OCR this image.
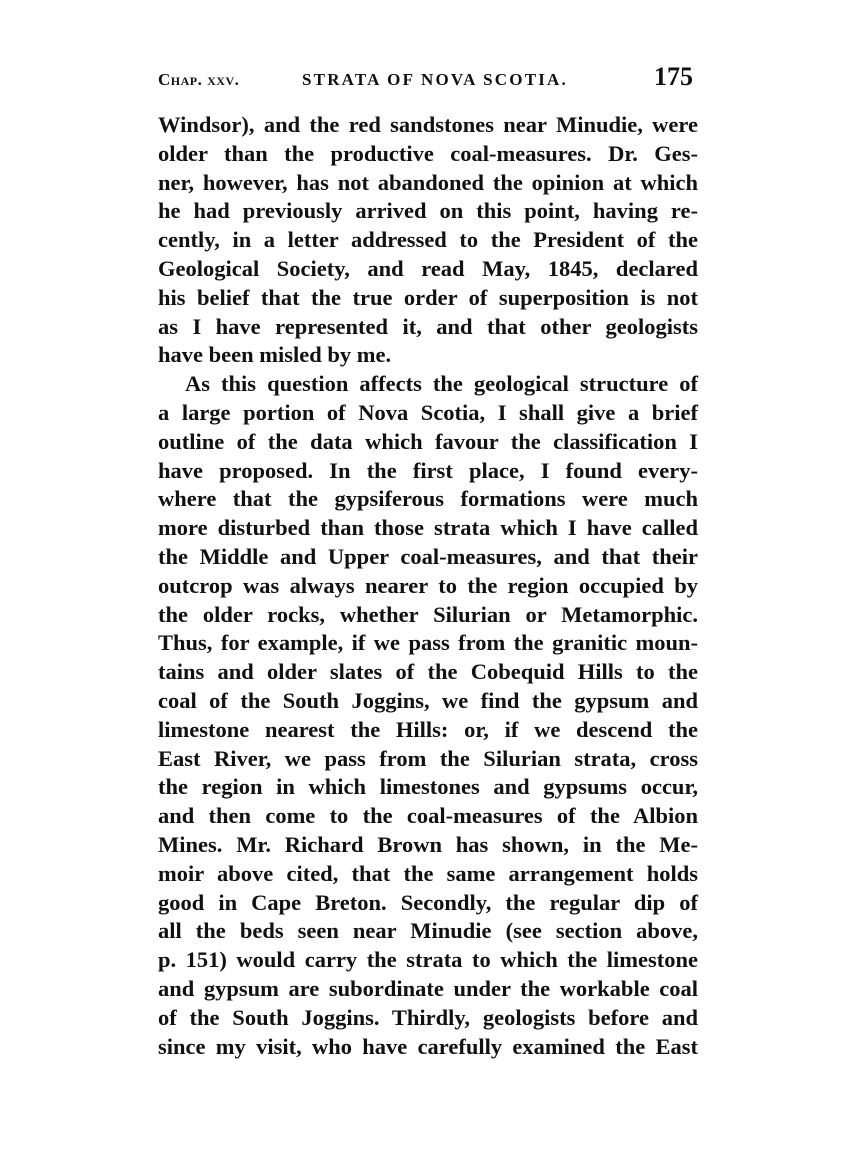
Chap. xxv.	STRATA OF NOVA SCOTIA.	175
Windsor), and the red sandstones near Minudie, were
older than the productive coal-measures. Dr. Ges-
ner, however, has not abandoned the opinion at which
he had previously arrived on this point, having re-
cently, in a letter addressed to the President of the
Geological Society, and read May, 1845, declared
his belief that the true order of superposition is not
as I have represented it, and that other geologists
have been misled by me.
As this question affects the geological structure of
a large portion of Nova Scotia, I shall give a brief
outline of the data which favour the classification I
have proposed. In the first place, I found every-
where that the gypsiferous formations were much
more disturbed than those strata which I have called
the Middle and Upper coal-measures, and that their
outcrop was always nearer to the region occupied by
the older rocks, whether Silurian or Metamorphic.
Thus, for example, if we pass from the granitic moun-
tains and older slates of the Cobequid Hills to the
coal of the South Joggins, we find the gypsum and
limestone nearest the Hills: or, if we descend the
East River, we pass from the Silurian strata, cross
the region in which limestones and gypsums occur,
and then come to the coal-measures of the Albion
Mines. Mr. Richard Brown has shown, in the Me-
moir above cited, that the same arrangement holds
good in Cape Breton. Secondly, the regular dip of
all the beds seen near Minudie (see section above,
p. 151) would carry the strata to which the limestone
and gypsum are subordinate under the workable coal
of the South Joggins. Thirdly, geologists before and
since my visit, who have carefully examined the East
